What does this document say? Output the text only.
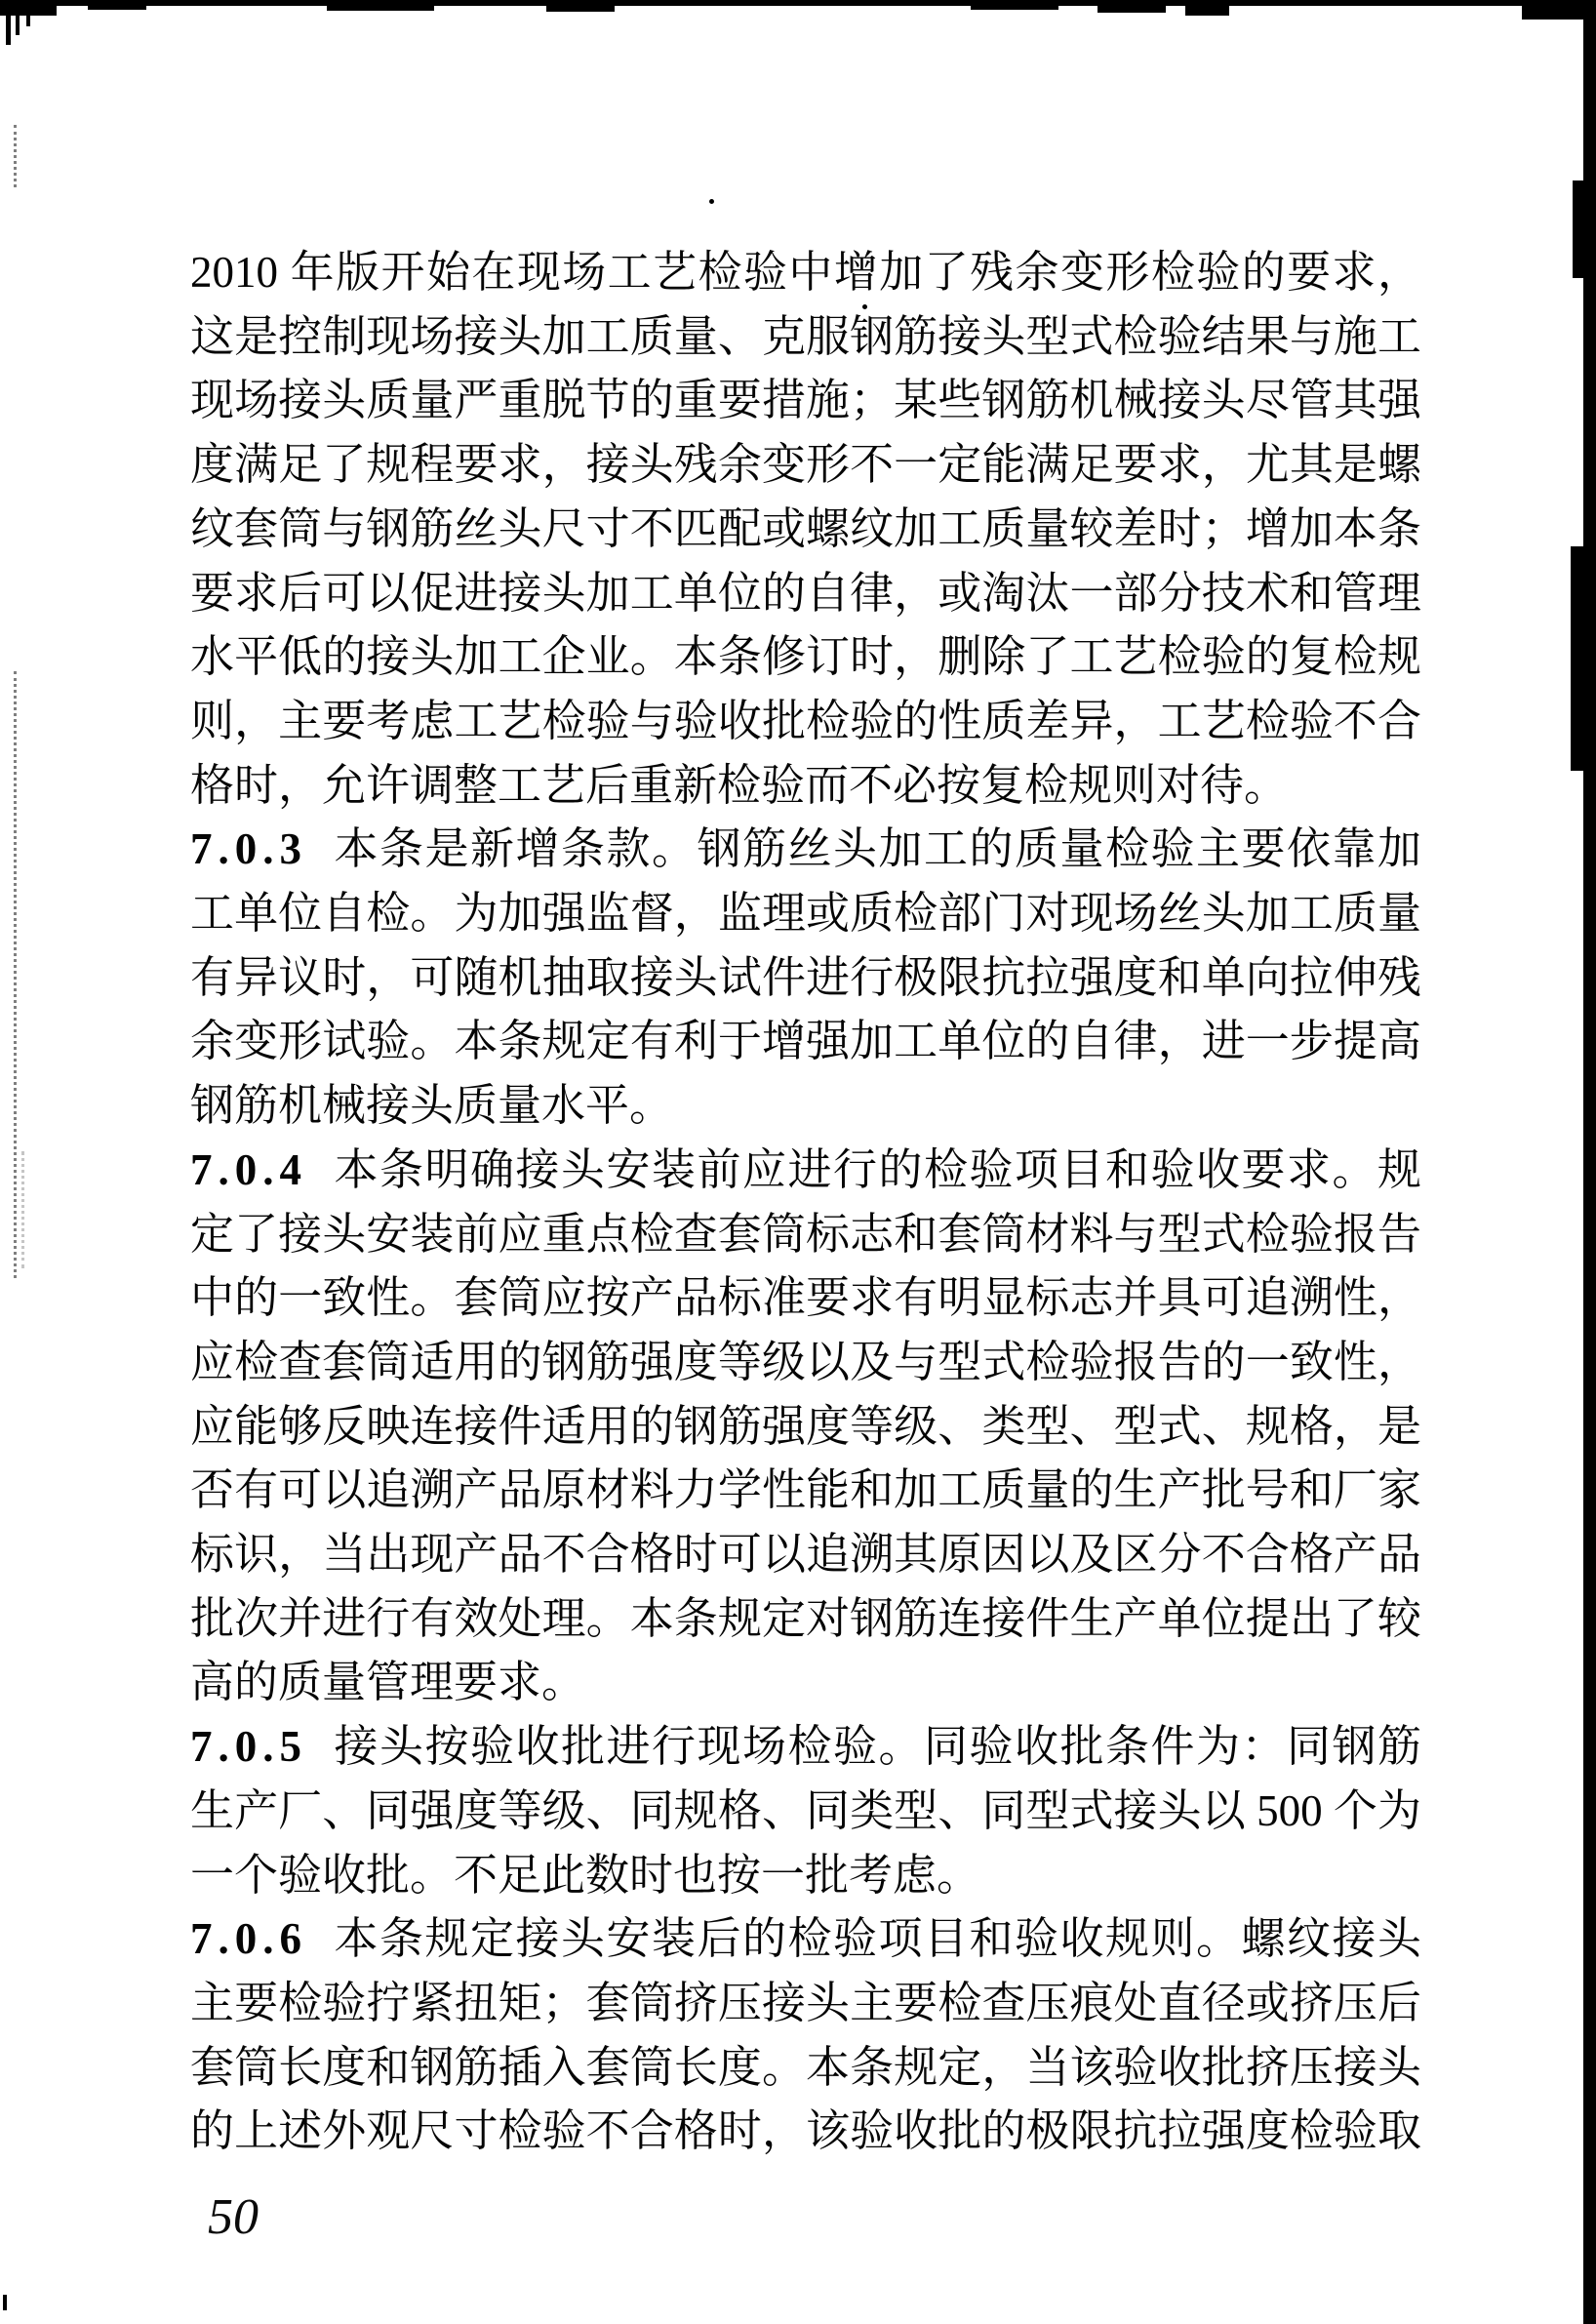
2010 年版开始在现场工艺检验中增加了残余变形检验的要求，
这是控制现场接头加工质量、克服钢筋接头型式检验结果与施工
现场接头质量严重脱节的重要措施；某些钢筋机械接头尽管其强
度满足了规程要求，接头残余变形不一定能满足要求，尤其是螺
纹套筒与钢筋丝头尺寸不匹配或螺纹加工质量较差时；增加本条
要求后可以促进接头加工单位的自律，或淘汰一部分技术和管理
水平低的接头加工企业。本条修订时，删除了工艺检验的复检规
则，主要考虑工艺检验与验收批检验的性质差异，工艺检验不合
格时，允许调整工艺后重新检验而不必按复检规则对待。
7.0.3 本条是新增条款。钢筋丝头加工的质量检验主要依靠加
工单位自检。为加强监督，监理或质检部门对现场丝头加工质量
有异议时，可随机抽取接头试件进行极限抗拉强度和单向拉伸残
余变形试验。本条规定有利于增强加工单位的自律，进一步提高
钢筋机械接头质量水平。
7.0.4 本条明确接头安装前应进行的检验项目和验收要求。规
定了接头安装前应重点检查套筒标志和套筒材料与型式检验报告
中的一致性。套筒应按产品标准要求有明显标志并具可追溯性，
应检查套筒适用的钢筋强度等级以及与型式检验报告的一致性，
应能够反映连接件适用的钢筋强度等级、类型、型式、规格，是
否有可以追溯产品原材料力学性能和加工质量的生产批号和厂家
标识，当出现产品不合格时可以追溯其原因以及区分不合格产品
批次并进行有效处理。本条规定对钢筋连接件生产单位提出了较
高的质量管理要求。
7.0.5 接头按验收批进行现场检验。同验收批条件为：同钢筋
生产厂、同强度等级、同规格、同类型、同型式接头以 500 个为
一个验收批。不足此数时也按一批考虑。
7.0.6 本条规定接头安装后的检验项目和验收规则。螺纹接头
主要检验拧紧扭矩；套筒挤压接头主要检查压痕处直径或挤压后
套筒长度和钢筋插入套筒长度。本条规定，当该验收批挤压接头
的上述外观尺寸检验不合格时，该验收批的极限抗拉强度检验取
50
